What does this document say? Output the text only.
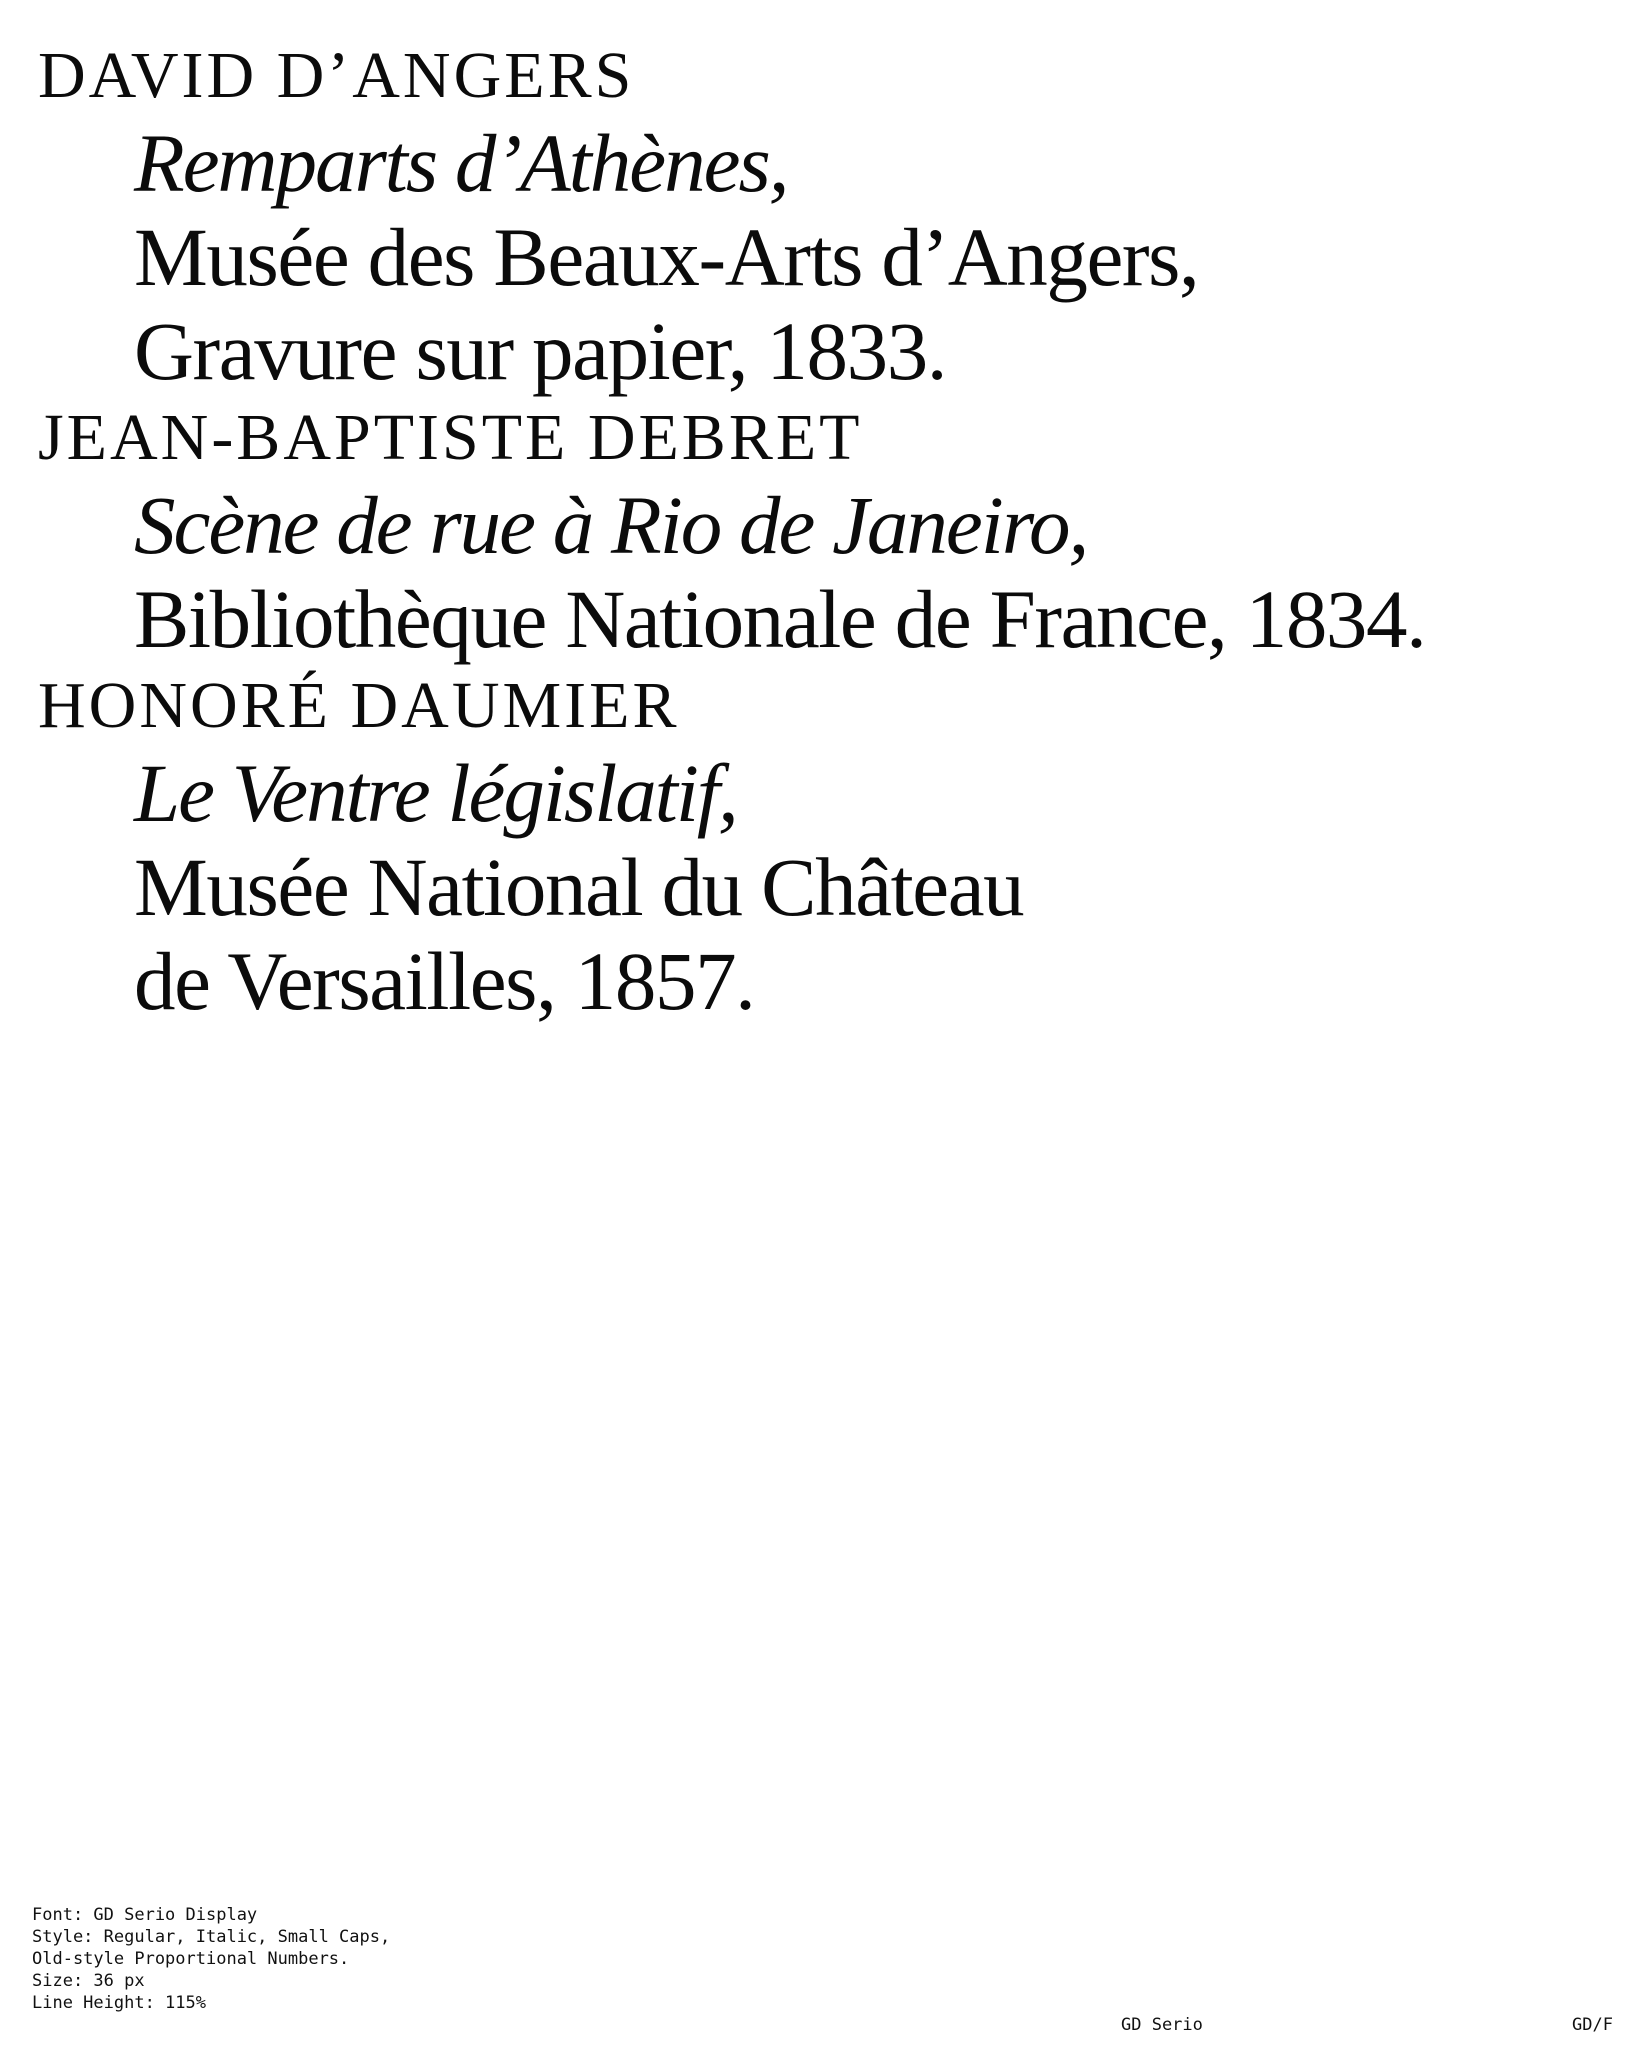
DAVID D’ANGERS
Remparts d’Athènes,
Musée des Beaux-Arts d’Angers,
Gravure sur papier, 1833.
JEAN-BAPTISTE DEBRET
Scène de rue à Rio de Janeiro,
Bibliothèque Nationale de France, 1834.
HONORÉ DAUMIER
Le Ventre législatif,
Musée National du Château
de Versailles, 1857.
Font: GD Serio Display
Style: Regular, Italic, Small Caps,
Old-style Proportional Numbers.
Size: 36 px
Line Height: 115%
GD Serio	GD/F
